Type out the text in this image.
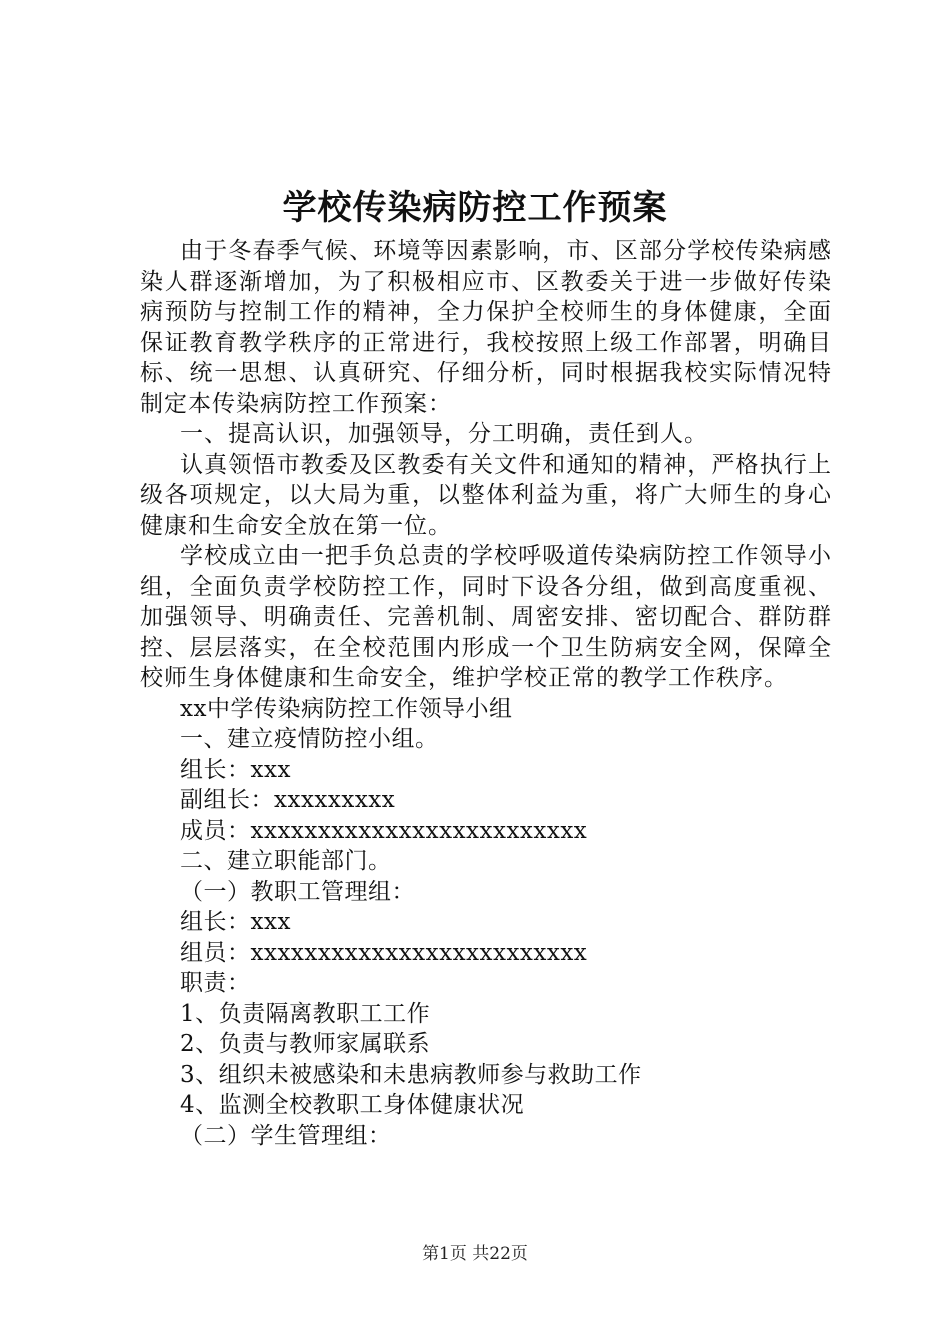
学校传染病防控工作预案

由于冬春季气候、环境等因素影响，市、区部分学校传染病感染人群逐渐增加，为了积极相应市、区教委关于进一步做好传染病预防与控制工作的精神，全力保护全校师生的身体健康，全面保证教育教学秩序的正常进行，我校按照上级工作部署，明确目标、统一思想、认真研究、仔细分析，同时根据我校实际情况特制定本传染病防控工作预案：

一、提高认识，加强领导，分工明确，责任到人。

认真领悟市教委及区教委有关文件和通知的精神，严格执行上级各项规定，以大局为重，以整体利益为重，将广大师生的身心健康和生命安全放在第一位。

学校成立由一把手负总责的学校呼吸道传染病防控工作领导小组，全面负责学校防控工作，同时下设各分组，做到高度重视、加强领导、明确责任、完善机制、周密安排、密切配合、群防群控、层层落实，在全校范围内形成一个卫生防病安全网，保障全校师生身体健康和生命安全，维护学校正常的教学工作秩序。

xx中学传染病防控工作领导小组

一、建立疫情防控小组。

组长：xxx

副组长：xxxxxxxxx

成员：xxxxxxxxxxxxxxxxxxxxxxxxx

二、建立职能部门。

（一）教职工管理组：

组长：xxx

组员：xxxxxxxxxxxxxxxxxxxxxxxxx

职责：

1、负责隔离教职工工作

2、负责与教师家属联系

3、组织未被感染和未患病教师参与救助工作

4、监测全校教职工身体健康状况

（二）学生管理组：

第1页 共22页
